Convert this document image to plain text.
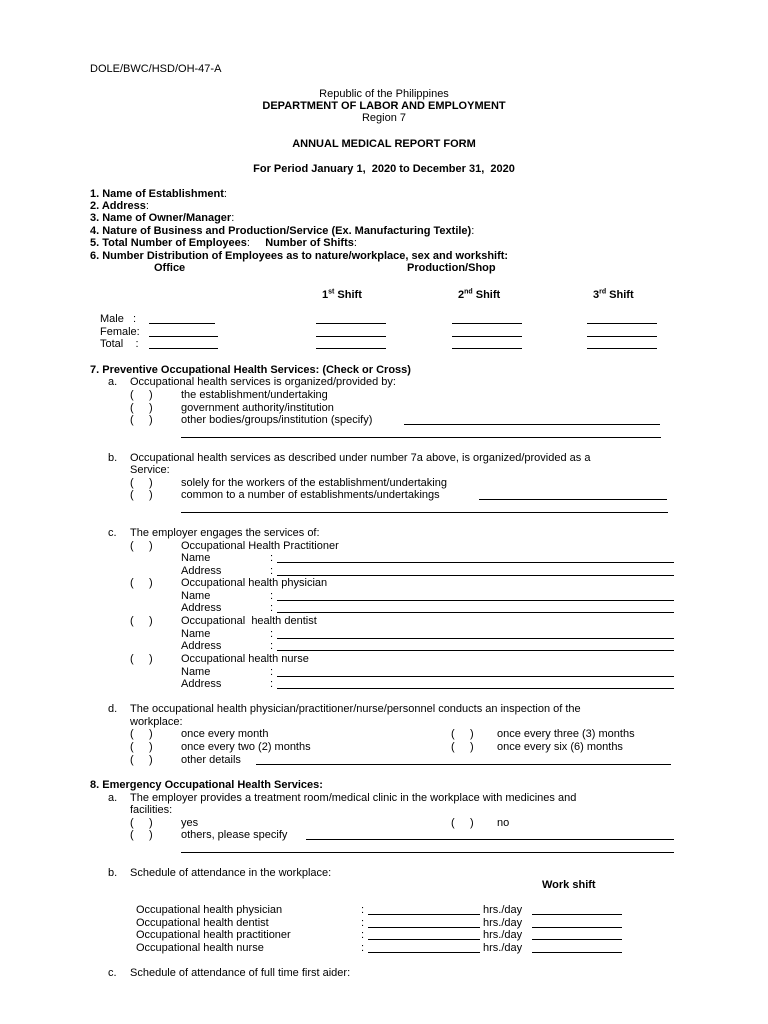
DOLE/BWC/HSD/OH-47-A
Republic of the Philippines
DEPARTMENT OF LABOR AND EMPLOYMENT
Region 7
ANNUAL MEDICAL REPORT FORM
For Period January 1,  2020 to December 31,  2020
1. Name of Establishment:
2. Address:
3. Name of Owner/Manager:
4. Nature of Business and Production/Service (Ex. Manufacturing Textile):
5. Total Number of Employees: Number of Shifts:
6. Number Distribution of Employees as to nature/workplace, sex and workshift:
Office	Production/Shop
1st Shift	2nd Shift	3rd Shift
Male   :
Female:
Total    :
7. Preventive Occupational Health Services: (Check or Cross)
a. Occupational health services is organized/provided by:
(     )	the establishment/undertaking
(     )	government authority/institution
(     )	other bodies/groups/institution (specify)
b. Occupational health services as described under number 7a above, is organized/provided as a
Service:
(     )	solely for the workers of the establishment/undertaking
(     )	common to a number of establishments/undertakings
c. The employer engages the services of:
(     )	Occupational Health Practitioner
Name	:
Address	:
(     )	Occupational health physician
Name	:
Address	:
(     )	Occupational  health dentist
Name	:
Address	:
(     )	Occupational health nurse
Name	:
Address	:
d. The occupational health physician/practitioner/nurse/personnel conducts an inspection of the
workplace:
(     )	once every month	(     ) once every three (3) months
(     )	once every two (2) months	(     ) once every six (6) months
(     )	other details
8. Emergency Occupational Health Services:
a. The employer provides a treatment room/medical clinic in the workplace with medicines and
facilities:
(     )	yes	(     ) no
(     )	others, please specify
b. Schedule of attendance in the workplace:
Work shift
Occupational health physician	:	hrs./day
Occupational health dentist	:	hrs./day
Occupational health practitioner	:	hrs./day
Occupational health nurse	:	hrs./day
c. Schedule of attendance of full time first aider:
